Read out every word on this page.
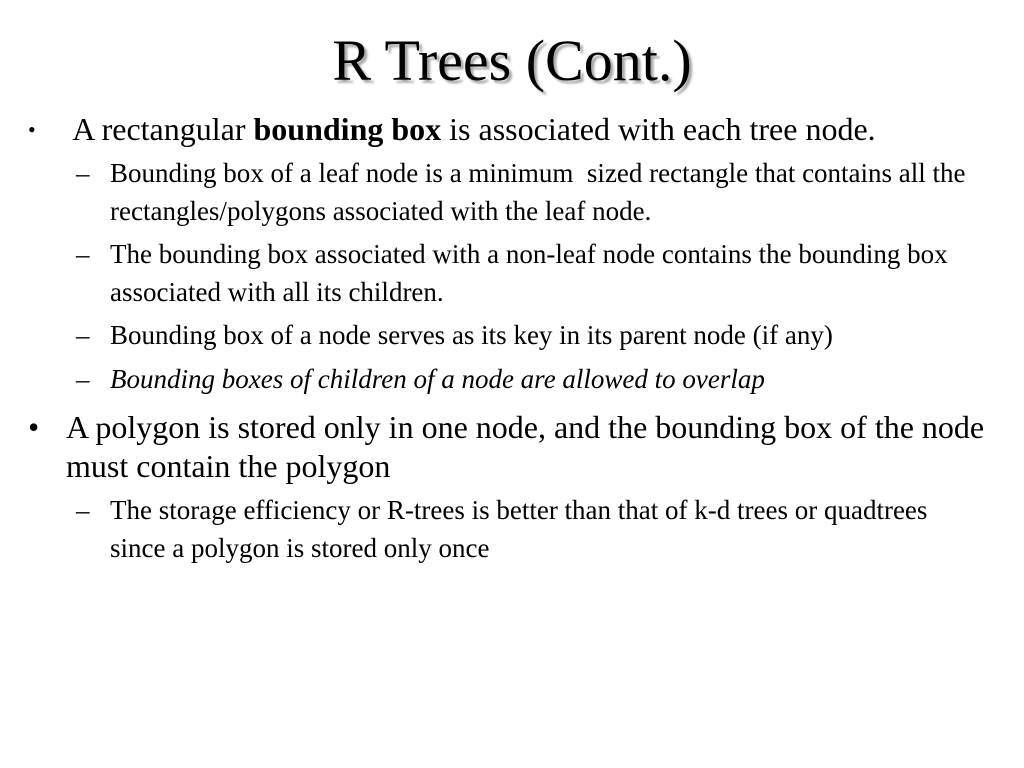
R Trees (Cont.)
• A rectangular bounding box is associated with each tree node.
– Bounding box of a leaf node is a minimum  sized rectangle that contains all the rectangles/polygons associated with the leaf node.
– The bounding box associated with a non-leaf node contains the bounding box associated with all its children.
– Bounding box of a node serves as its key in its parent node (if any)
– Bounding boxes of children of a node are allowed to overlap
• A polygon is stored only in one node, and the bounding box of the node must contain the polygon
– The storage efficiency or R-trees is better than that of k-d trees or quadtrees since a polygon is stored only once
